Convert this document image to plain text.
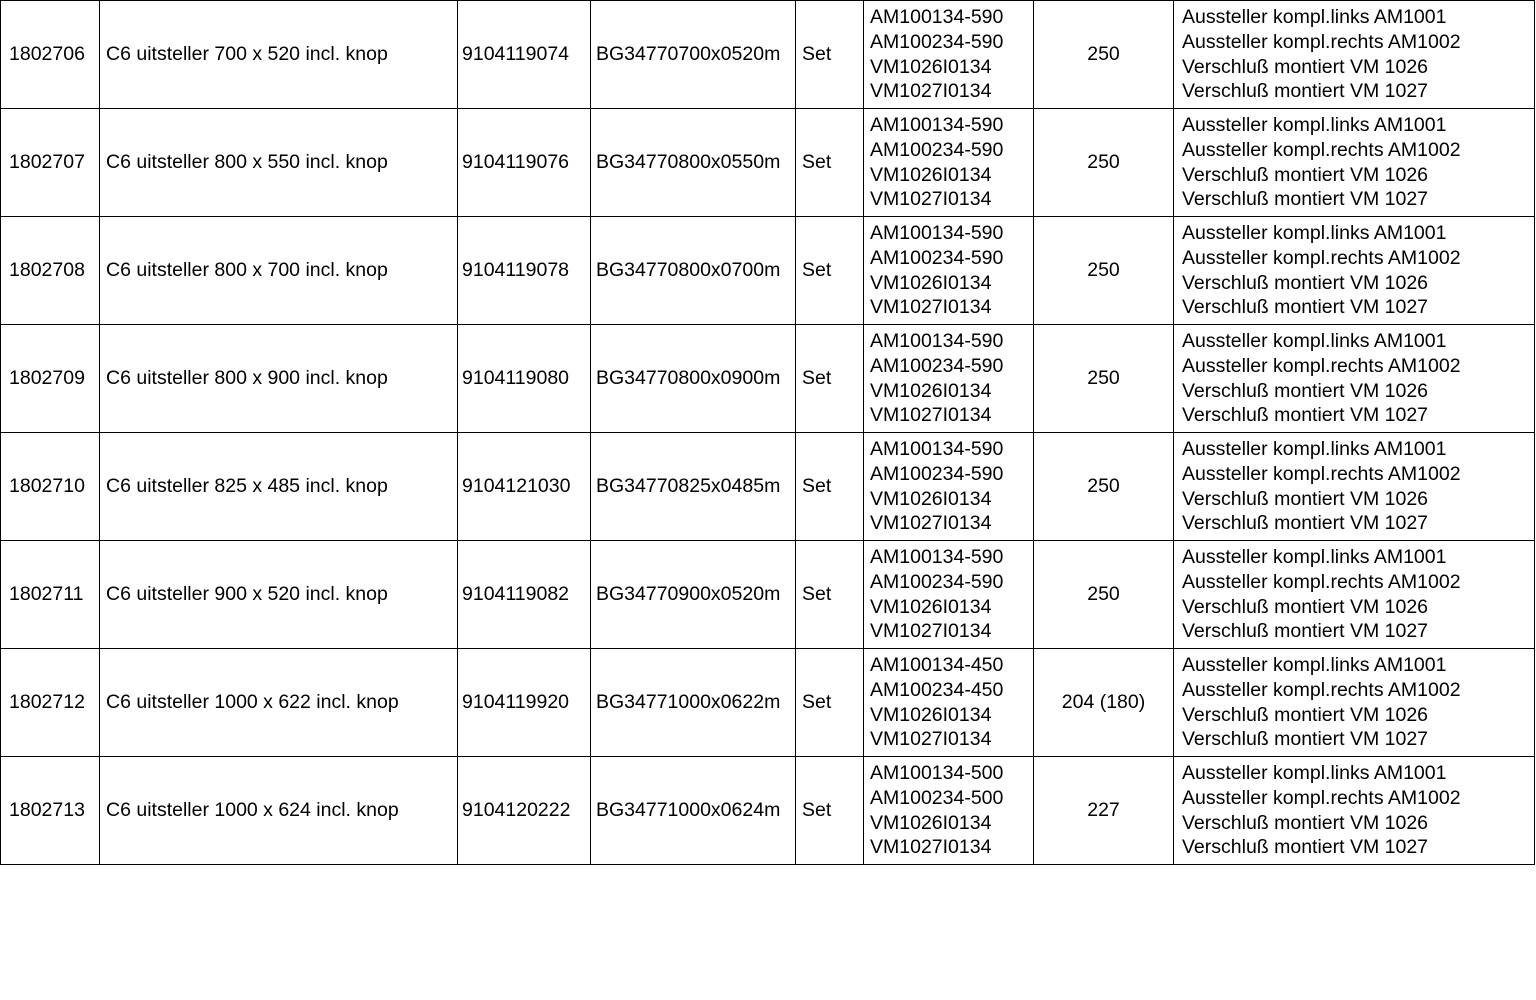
1802706	C6 uitsteller 700 x 520 incl. knop	9104119074	BG34770700x0520m	Set	AM100134-590
AM100234-590
VM1026I0134
VM1027I0134	250	Aussteller kompl.links AM1001
Aussteller kompl.rechts AM1002
Verschluß montiert VM 1026
Verschluß montiert VM 1027

1802707	C6 uitsteller 800 x 550 incl. knop	9104119076	BG34770800x0550m	Set	AM100134-590
AM100234-590
VM1026I0134
VM1027I0134	250	Aussteller kompl.links AM1001
Aussteller kompl.rechts AM1002
Verschluß montiert VM 1026
Verschluß montiert VM 1027

1802708	C6 uitsteller 800 x 700 incl. knop	9104119078	BG34770800x0700m	Set	AM100134-590
AM100234-590
VM1026I0134
VM1027I0134	250	Aussteller kompl.links AM1001
Aussteller kompl.rechts AM1002
Verschluß montiert VM 1026
Verschluß montiert VM 1027

1802709	C6 uitsteller 800 x 900 incl. knop	9104119080	BG34770800x0900m	Set	AM100134-590
AM100234-590
VM1026I0134
VM1027I0134	250	Aussteller kompl.links AM1001
Aussteller kompl.rechts AM1002
Verschluß montiert VM 1026
Verschluß montiert VM 1027

1802710	C6 uitsteller 825 x 485 incl. knop	9104121030	BG34770825x0485m	Set	AM100134-590
AM100234-590
VM1026I0134
VM1027I0134	250	Aussteller kompl.links AM1001
Aussteller kompl.rechts AM1002
Verschluß montiert VM 1026
Verschluß montiert VM 1027

1802711	C6 uitsteller 900 x 520 incl. knop	9104119082	BG34770900x0520m	Set	AM100134-590
AM100234-590
VM1026I0134
VM1027I0134	250	Aussteller kompl.links AM1001
Aussteller kompl.rechts AM1002
Verschluß montiert VM 1026
Verschluß montiert VM 1027

1802712	C6 uitsteller 1000 x 622 incl. knop	9104119920	BG34771000x0622m	Set	AM100134-450
AM100234-450
VM1026I0134
VM1027I0134	204 (180)	Aussteller kompl.links AM1001
Aussteller kompl.rechts AM1002
Verschluß montiert VM 1026
Verschluß montiert VM 1027

1802713	C6 uitsteller 1000 x 624 incl. knop	9104120222	BG34771000x0624m	Set	AM100134-500
AM100234-500
VM1026I0134
VM1027I0134	227	Aussteller kompl.links AM1001
Aussteller kompl.rechts AM1002
Verschluß montiert VM 1026
Verschluß montiert VM 1027
